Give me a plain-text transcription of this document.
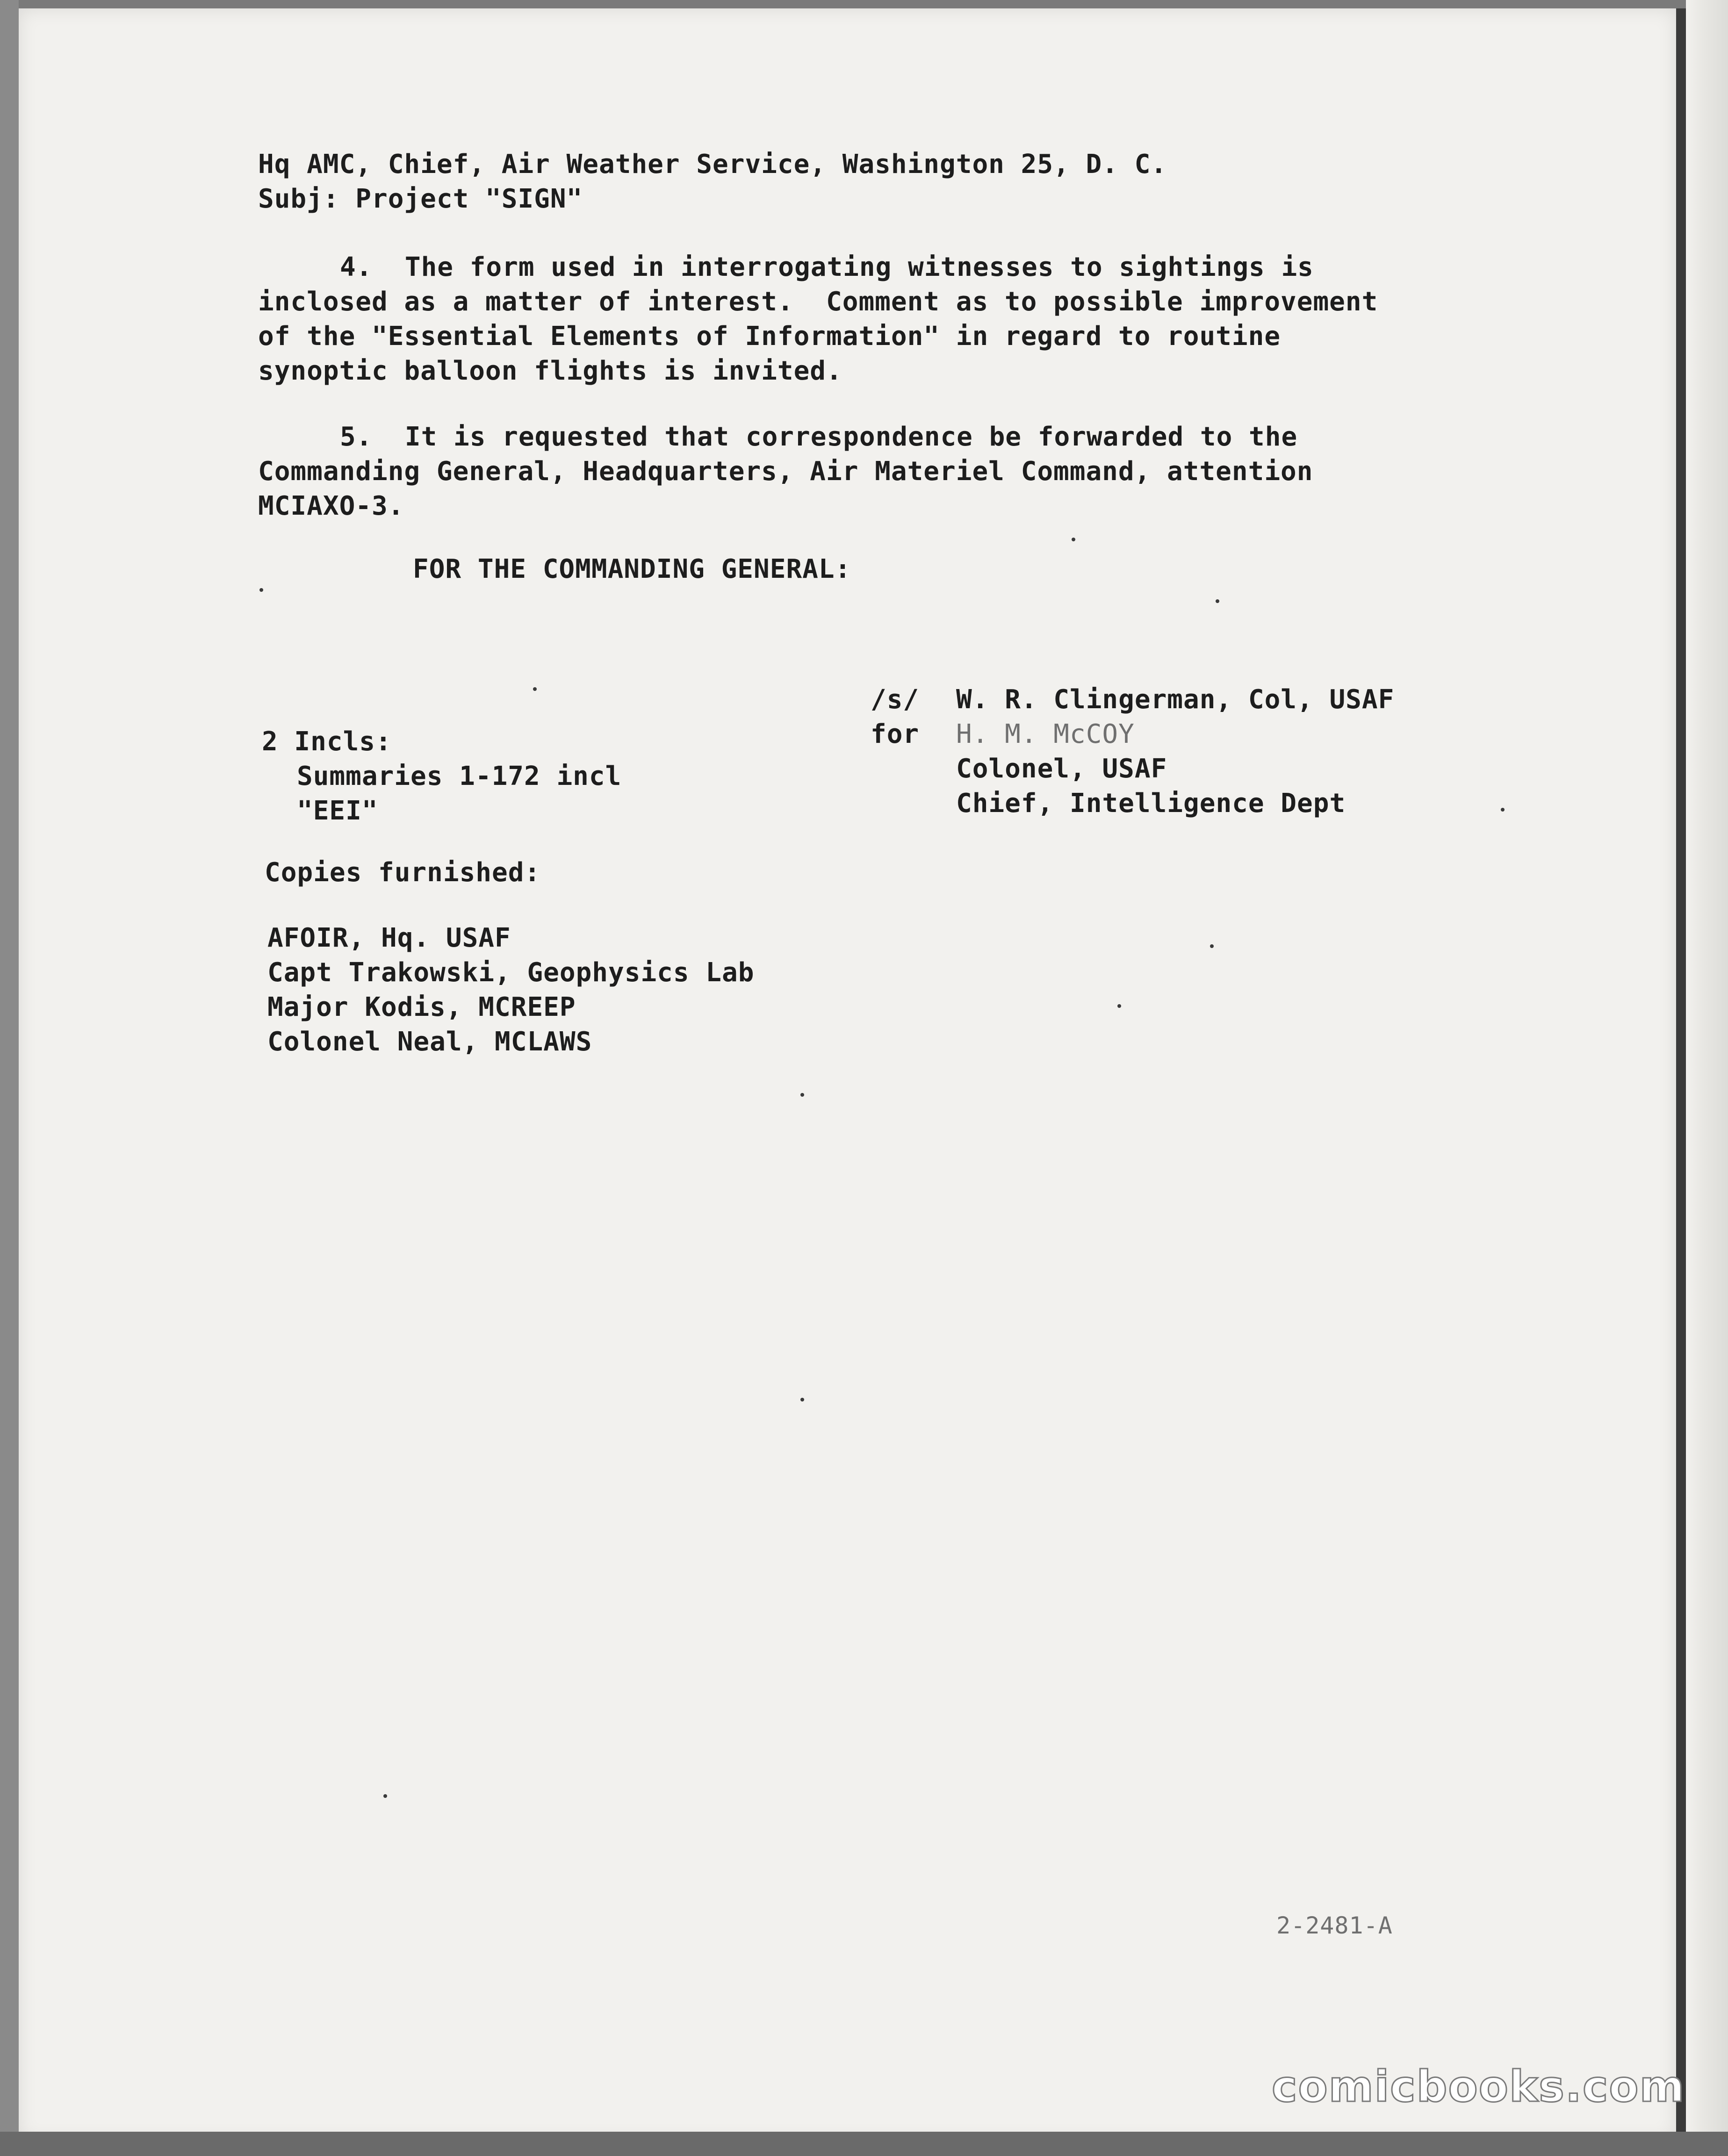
Hq AMC, Chief, Air Weather Service, Washington 25, D. C.
Subj: Project "SIGN"
4.  The form used in interrogating witnesses to sightings is
inclosed as a matter of interest.  Comment as to possible improvement
of the "Essential Elements of Information" in regard to routine
synoptic balloon flights is invited.
5.  It is requested that correspondence be forwarded to the
Commanding General, Headquarters, Air Materiel Command, attention
MCIAXO-3.
FOR THE COMMANDING GENERAL:
/s/
for
W. R. Clingerman, Col, USAF
H. M. McCOY
Colonel, USAF
Chief, Intelligence Dept
2 Incls:
Summaries 1-172 incl
"EEI"
Copies furnished:
AFOIR, Hq. USAF
Capt Trakowski, Geophysics Lab
Major Kodis, MCREEP
Colonel Neal, MCLAWS
2-2481-A
comicbooks.com
